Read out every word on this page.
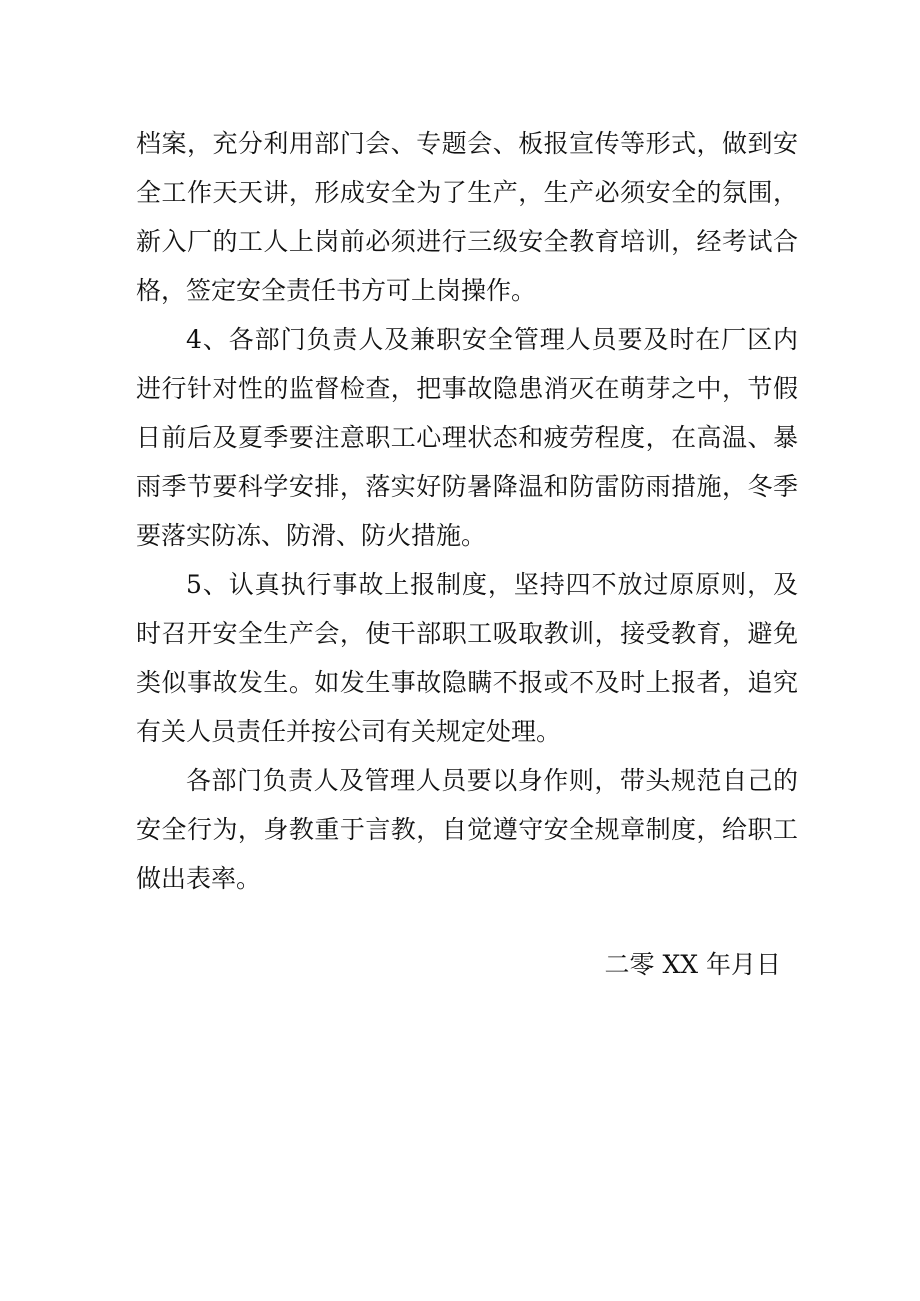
档案，充分利用部门会、专题会、板报宣传等形式，做到安全工作天天讲，形成安全为了生产，生产必须安全的氛围，新入厂的工人上岗前必须进行三级安全教育培训，经考试合格，签定安全责任书方可上岗操作。

4、各部门负责人及兼职安全管理人员要及时在厂区内进行针对性的监督检查，把事故隐患消灭在萌芽之中，节假日前后及夏季要注意职工心理状态和疲劳程度，在高温、暴雨季节要科学安排，落实好防暑降温和防雷防雨措施，冬季要落实防冻、防滑、防火措施。

5、认真执行事故上报制度，坚持四不放过原原则，及时召开安全生产会，使干部职工吸取教训，接受教育，避免类似事故发生。如发生事故隐瞒不报或不及时上报者，追究有关人员责任并按公司有关规定处理。

各部门负责人及管理人员要以身作则，带头规范自己的安全行为，身教重于言教，自觉遵守安全规章制度，给职工做出表率。

二零 XX 年月日
